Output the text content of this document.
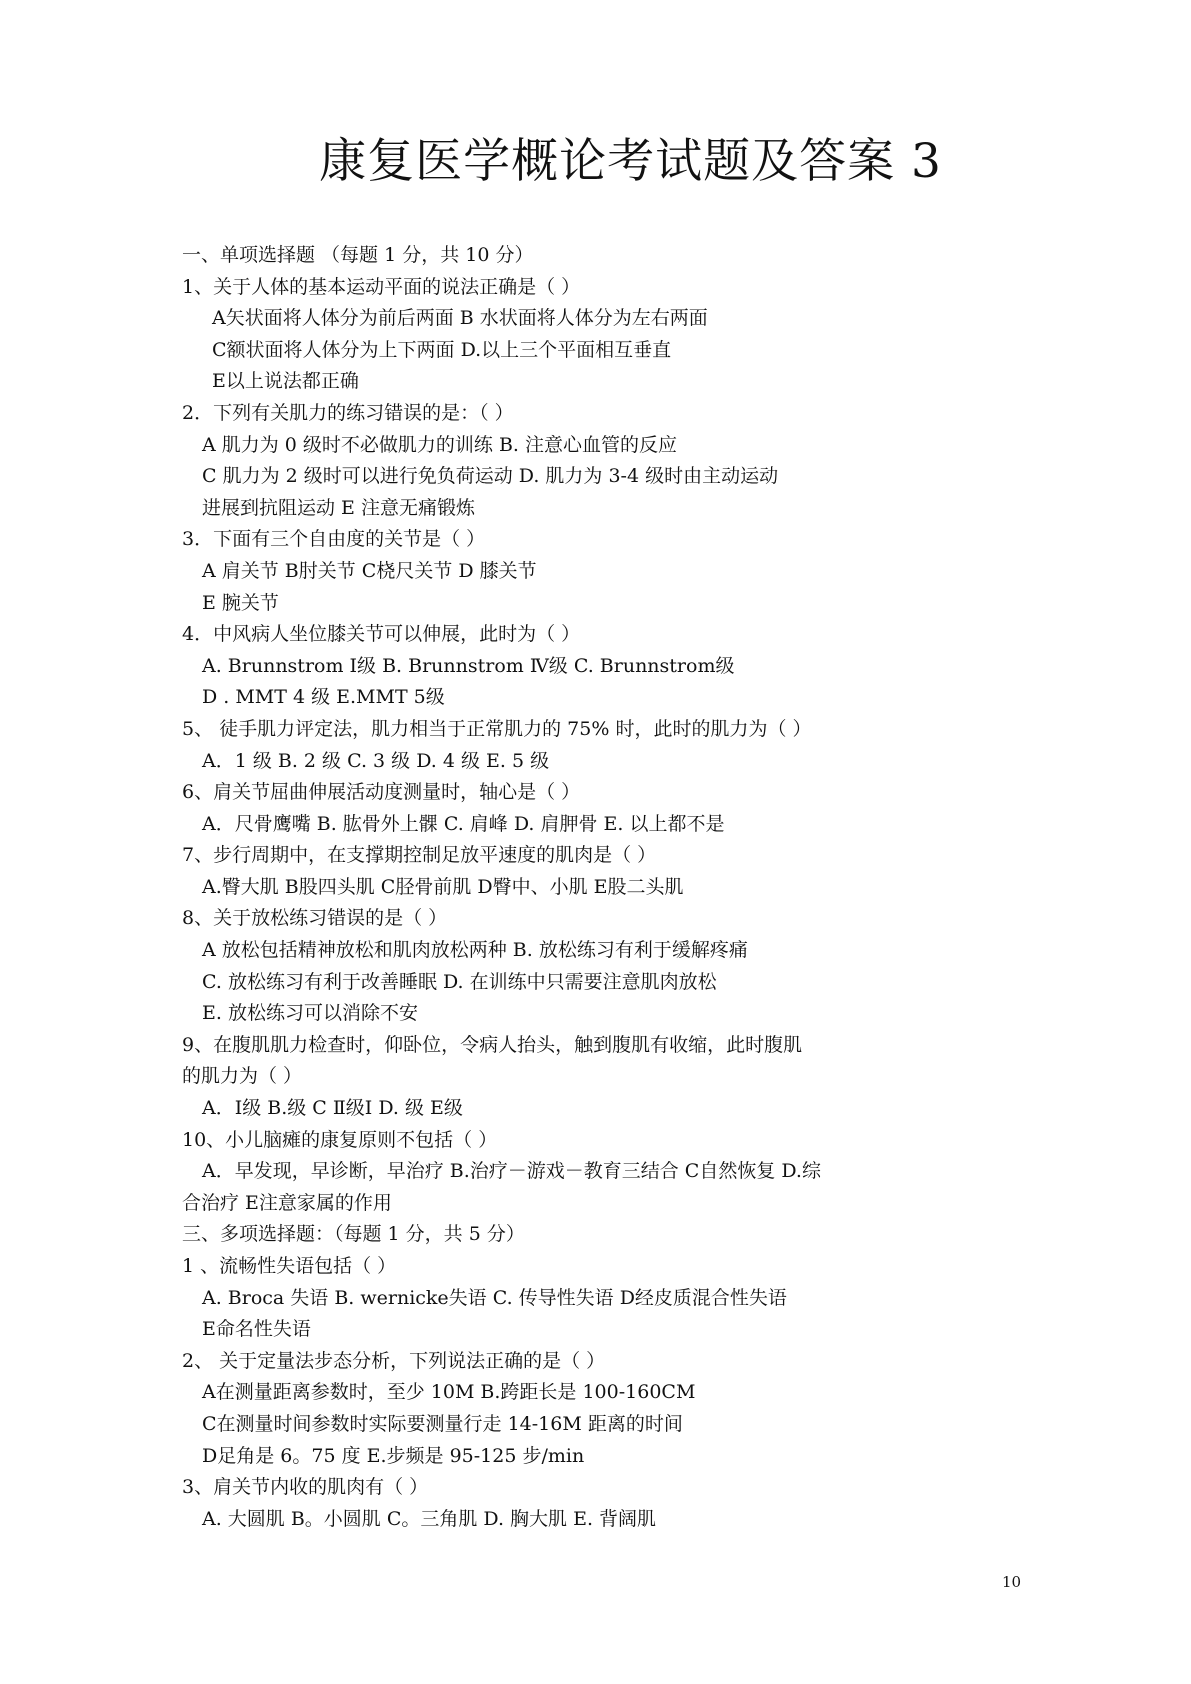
康复医学概论考试题及答案 3
一、单项选择题 （每题 1 分，共 10 分）
1、关于人体的基本运动平面的说法正确是（ ）
A矢状面将人体分为前后两面 B 水状面将人体分为左右两面
C额状面将人体分为上下两面 D.以上三个平面相互垂直
E以上说法都正确
2．下列有关肌力的练习错误的是：（ ）
A 肌力为 0 级时不必做肌力的训练 B. 注意心血管的反应
C 肌力为 2 级时可以进行免负荷运动 D. 肌力为 3-4 级时由主动运动
进展到抗阻运动 E 注意无痛锻炼
3．下面有三个自由度的关节是（ ）
A 肩关节 B肘关节 C桡尺关节 D 膝关节
E 腕关节
4．中风病人坐位膝关节可以伸展，此时为（ ）
A. Brunnstrom Ⅰ级 B. Brunnstrom Ⅳ级 C. Brunnstrom级
D . MMT 4 级 E.MMT 5级
5、 徒手肌力评定法，肌力相当于正常肌力的 75% 时，此时的肌力为（ ）
A．1 级 B. 2 级 C. 3 级 D. 4 级 E. 5 级
6、肩关节屈曲伸展活动度测量时，轴心是（ ）
A．尺骨鹰嘴 B. 肱骨外上髁 C. 肩峰 D. 肩胛骨 E. 以上都不是
7、步行周期中，在支撑期控制足放平速度的肌肉是（ ）
A.臀大肌 B股四头肌 C胫骨前肌 D臀中、小肌 E股二头肌
8、关于放松练习错误的是（ ）
A 放松包括精神放松和肌肉放松两种 B. 放松练习有利于缓解疼痛
C. 放松练习有利于改善睡眠 D. 在训练中只需要注意肌肉放松
E. 放松练习可以消除不安
9、在腹肌肌力检查时，仰卧位，令病人抬头，触到腹肌有收缩，此时腹肌
的肌力为（ ）
A．Ⅰ级 B.级 C Ⅱ级Ⅰ D. 级 E级
10、小儿脑瘫的康复原则不包括（ ）
A．早发现，早诊断，早治疗 B.治疗－游戏－教育三结合 C自然恢复 D.综
合治疗 E注意家属的作用
三、多项选择题：（每题 1 分，共 5 分）
1 、流畅性失语包括（ ）
A. Broca 失语 B. wernicke失语 C. 传导性失语 D经皮质混合性失语
E命名性失语
2、 关于定量法步态分析，下列说法正确的是（ ）
A在测量距离参数时，至少 10M B.跨距长是 100-160CM
C在测量时间参数时实际要测量行走 14-16M 距离的时间
D足角是 6。75 度 E.步频是 95-125 步/min
3、肩关节内收的肌肉有（ ）
A. 大圆肌 B。小圆肌 C。三角肌 D. 胸大肌 E. 背阔肌
10
